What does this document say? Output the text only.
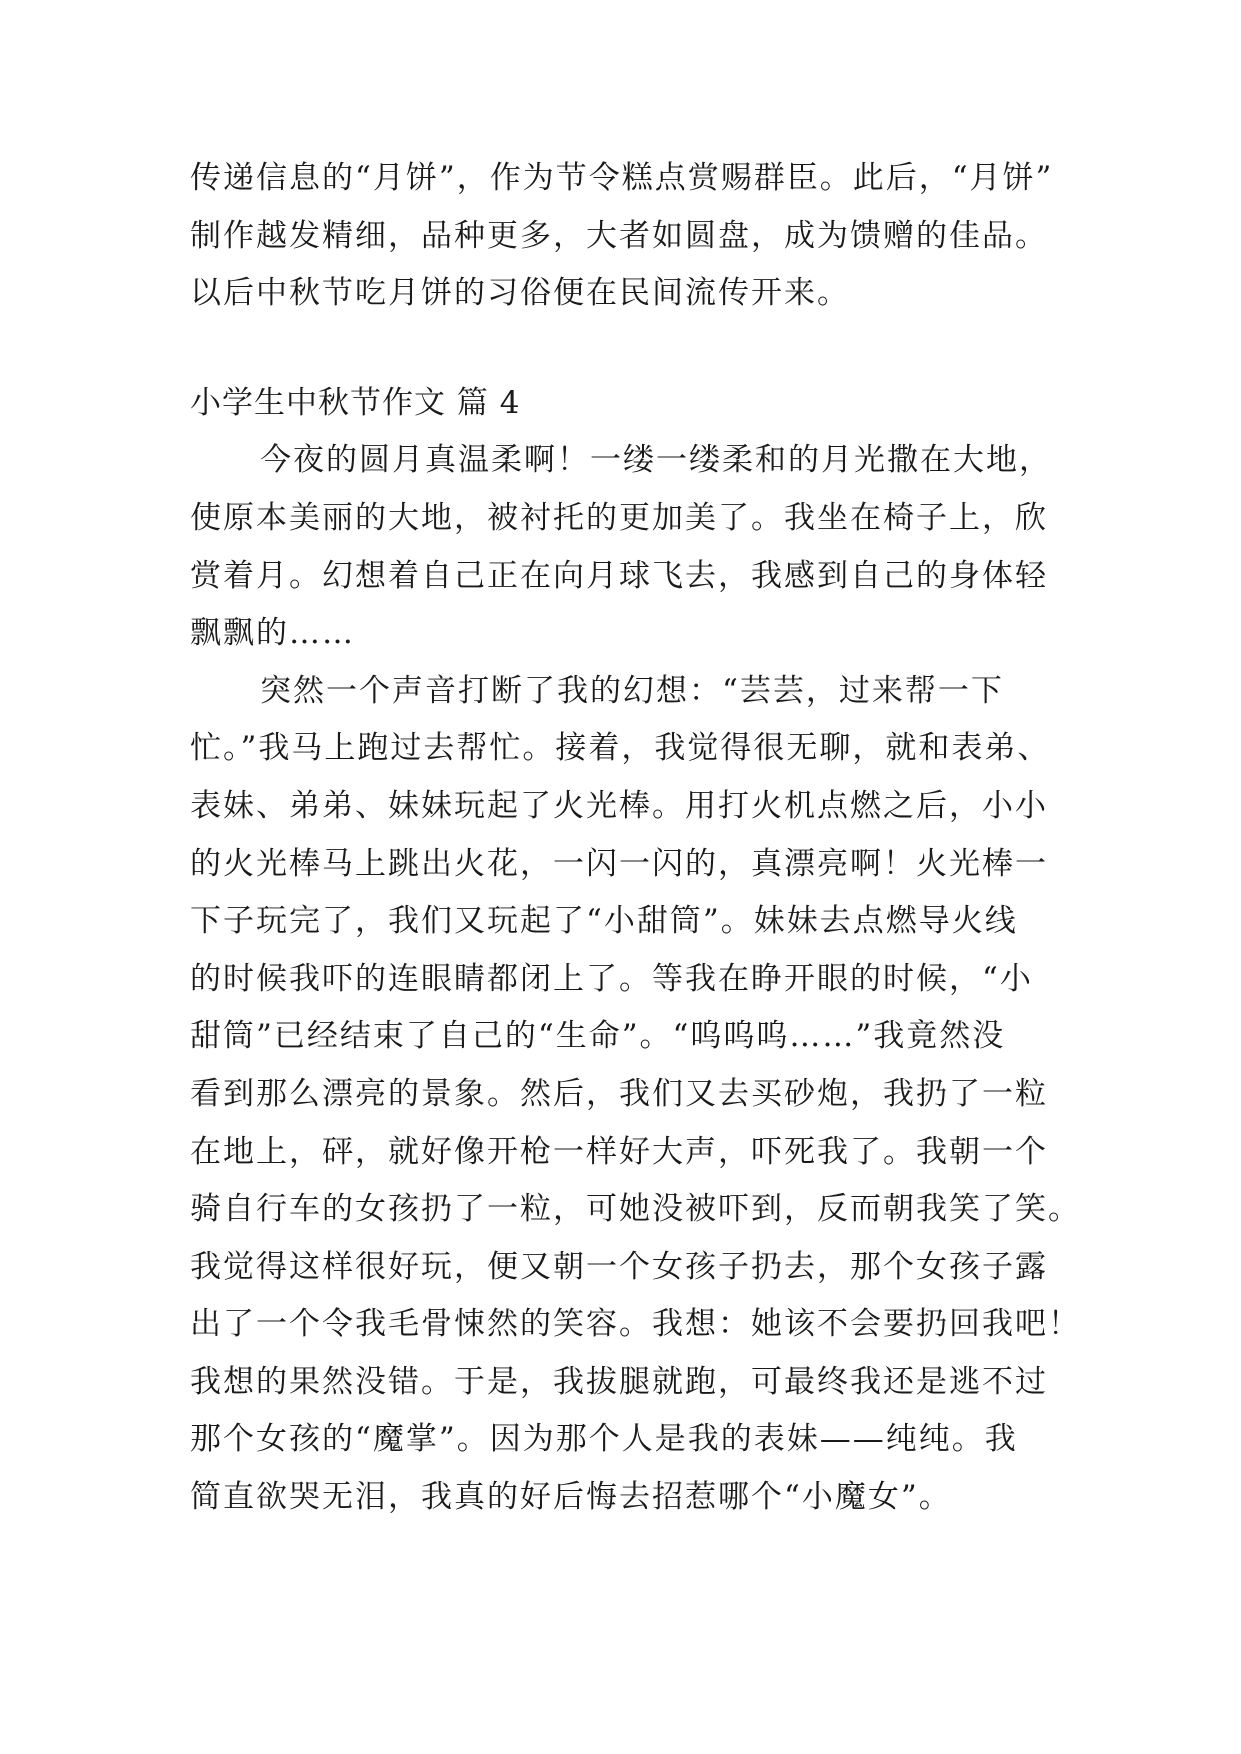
传递信息的“月饼”，作为节令糕点赏赐群臣。此后，“月饼”
制作越发精细，品种更多，大者如圆盘，成为馈赠的佳品。
以后中秋节吃月饼的习俗便在民间流传开来。
小学生中秋节作文 篇 4
今夜的圆月真温柔啊！一缕一缕柔和的月光撒在大地，
使原本美丽的大地，被衬托的更加美了。我坐在椅子上，欣
赏着月。幻想着自己正在向月球飞去，我感到自己的身体轻
飘飘的……
突然一个声音打断了我的幻想：“芸芸，过来帮一下
忙。”我马上跑过去帮忙。接着，我觉得很无聊，就和表弟、
表妹、弟弟、妹妹玩起了火光棒。用打火机点燃之后，小小
的火光棒马上跳出火花，一闪一闪的，真漂亮啊！火光棒一
下子玩完了，我们又玩起了“小甜筒”。妹妹去点燃导火线
的时候我吓的连眼睛都闭上了。等我在睁开眼的时候，“小
甜筒”已经结束了自己的“生命”。“呜呜呜……”我竟然没
看到那么漂亮的景象。然后，我们又去买砂炮，我扔了一粒
在地上，砰，就好像开枪一样好大声，吓死我了。我朝一个
骑自行车的女孩扔了一粒，可她没被吓到，反而朝我笑了笑。
我觉得这样很好玩，便又朝一个女孩子扔去，那个女孩子露
出了一个令我毛骨悚然的笑容。我想：她该不会要扔回我吧！
我想的果然没错。于是，我拔腿就跑，可最终我还是逃不过
那个女孩的“魔掌”。因为那个人是我的表妹——纯纯。我
简直欲哭无泪，我真的好后悔去招惹哪个“小魔女”。
